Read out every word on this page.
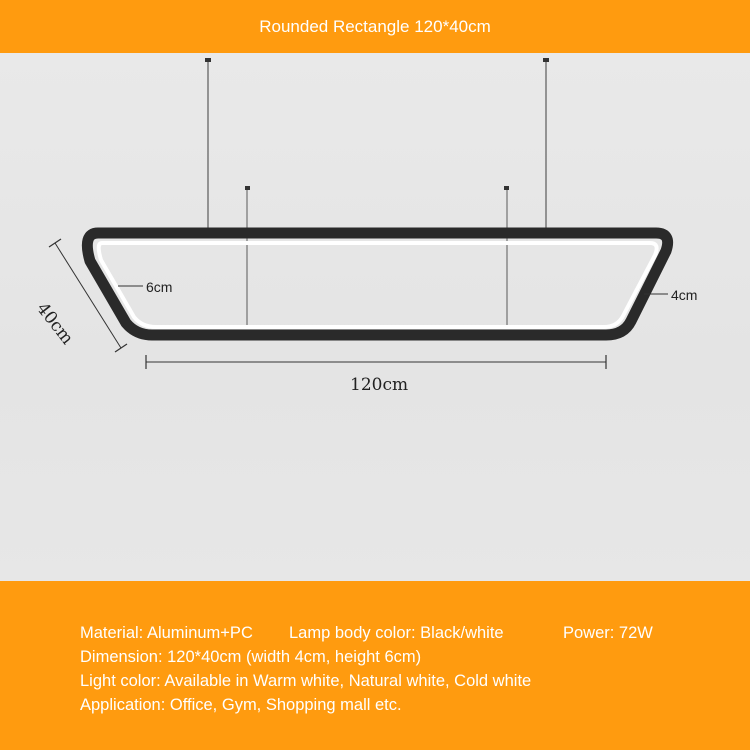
Rounded Rectangle 120*40cm
120cm
40cm
6cm	4cm
Material: Aluminum+PC Lamp body color: Black/white	Power: 72W
Dimension: 120*40cm (width 4cm, height 6cm)
Light color: Available in Warm white, Natural white, Cold white
Application: Office, Gym, Shopping mall etc.
